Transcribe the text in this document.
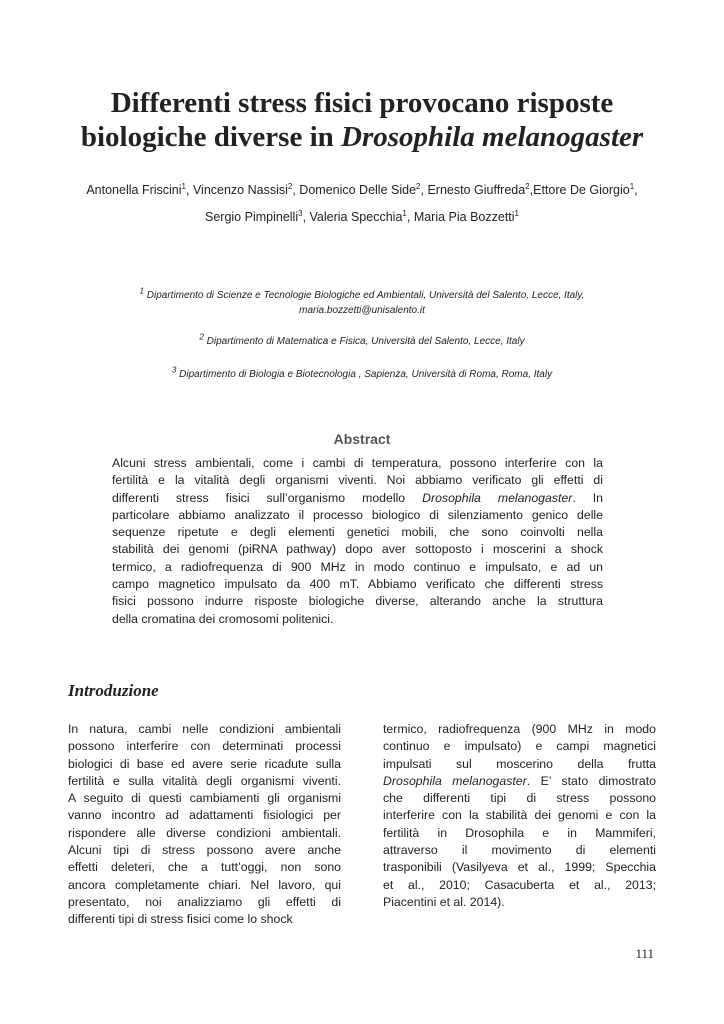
Differenti stress fisici provocano risposte
biologiche diverse in Drosophila melanogaster
Antonella Friscini$^1$, Vincenzo Nassisi$^2$, Domenico Delle Side$^2$, Ernesto Giuffreda$^2$,Ettore De Giorgio$^1$,
Sergio Pimpinelli$^3$, Valeria Specchia$^1$, Maria Pia Bozzetti$^1$
$^1$ Dipartimento di Scienze e Tecnologie Biologiche ed Ambientali, Università del Salento, Lecce, Italy,
maria.bozzetti@unisalento.it
$^2$ Dipartimento di Matematica e Fisica, Università del Salento, Lecce, Italy
$^3$ Dipartimento di Biologia e Biotecnologia , Sapienza, Università di Roma, Roma, Italy
Abstract
Alcuni stress ambientali, come i cambi di temperatura, possono interferire con la
fertilità e la vitalità degli organismi viventi. Noi abbiamo verificato gli effetti di
differenti stress fisici sull’organismo modello Drosophila melanogaster. In
particolare abbiamo analizzato il processo biologico di silenziamento genico delle
sequenze ripetute e degli elementi genetici mobili, che sono coinvolti nella
stabilità dei genomi (piRNA pathway) dopo aver sottoposto i moscerini a shock
termico, a radiofrequenza di 900 MHz in modo continuo e impulsato, e ad un
campo magnetico impulsato da 400 mT. Abbiamo verificato che differenti stress
fisici possono indurre risposte biologiche diverse, alterando anche la struttura
della cromatina dei cromosomi politenici.
Introduzione
In natura, cambi nelle condizioni ambientali
possono interferire con determinati processi
biologici di base ed avere serie ricadute sulla
fertilità e sulla vitalità degli organismi viventi.
A seguito di questi cambiamenti gli organismi
vanno incontro ad adattamenti fisiologici per
rispondere alle diverse condizioni ambientali.
Alcuni tipi di stress possono avere anche
effetti deleteri, che a tutt’oggi, non sono
ancora completamente chiari. Nel lavoro, qui
presentato, noi analizziamo gli effetti di
differenti tipi di stress fisici come lo shock
termico, radiofrequenza (900 MHz in modo
continuo e impulsato) e campi magnetici
impulsati sul moscerino della frutta
Drosophila melanogaster. E’ stato dimostrato
che differenti tipi di stress possono
interferire con la stabilità dei genomi e con la
fertilità in Drosophila e in Mammiferi,
attraverso il movimento di elementi
trasponibili (Vasilyeva et al., 1999; Specchia
et al., 2010; Casacuberta et al., 2013;
Piacentini et al. 2014).
111
